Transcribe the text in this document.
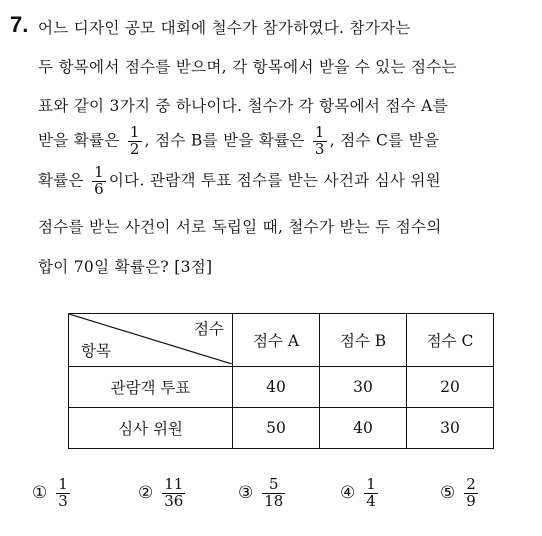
7. 어느 디자인 공모 대회에 철수가 참가하였다. 참가자는
두 항목에서 점수를 받으며, 각 항목에서 받을 수 있는 점수는
표와 같이 3가지 중 하나이다. 철수가 각 항목에서 점수 A를
받을 확률은 $\frac{1}{2}$ , 점수 B를 받을 확률은 $\frac{1}{3}$ , 점수 C를 받을
확률은 $\frac{1}{6}$ 이다. 관람객 투표 점수를 받는 사건과 심사 위원
점수를 받는 사건이 서로 독립일 때, 철수가 받는 두 점수의
합이 70일 확률은? [3점]
점수
항목	점수 A	점수 B	점수 C
관람객 투표	40	30	20
심사 위원	50	40	30
① $\frac{1}{3}$	② $\frac{11}{36}$	③ $\frac{5}{18}$	④ $\frac{1}{4}$	⑤ $\frac{2}{9}$
